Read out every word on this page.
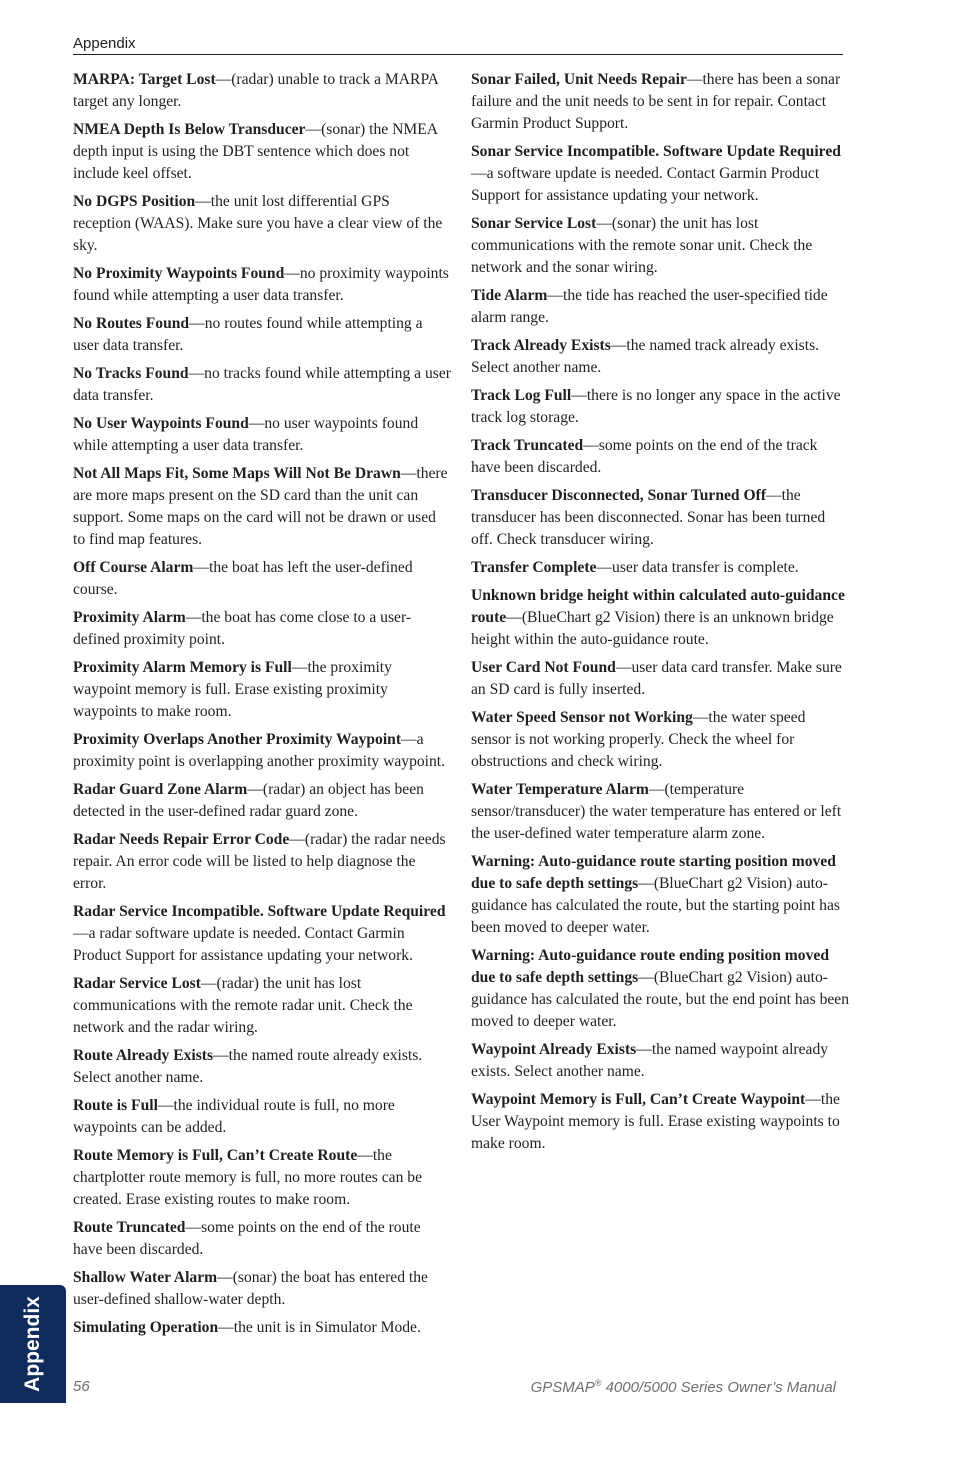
Appendix

MARPA: Target Lost—(radar) unable to track a MARPA target any longer.

NMEA Depth Is Below Transducer—(sonar) the NMEA depth input is using the DBT sentence which does not include keel offset.

No DGPS Position—the unit lost differential GPS reception (WAAS). Make sure you have a clear view of the sky.

No Proximity Waypoints Found—no proximity waypoints found while attempting a user data transfer.

No Routes Found—no routes found while attempting a user data transfer.

No Tracks Found—no tracks found while attempting a user data transfer.

No User Waypoints Found—no user waypoints found while attempting a user data transfer.

Not All Maps Fit, Some Maps Will Not Be Drawn—there are more maps present on the SD card than the unit can support. Some maps on the card will not be drawn or used to find map features.

Off Course Alarm—the boat has left the user-defined course.

Proximity Alarm—the boat has come close to a user-defined proximity point.

Proximity Alarm Memory is Full—the proximity waypoint memory is full. Erase existing proximity waypoints to make room.

Proximity Overlaps Another Proximity Waypoint—a proximity point is overlapping another proximity waypoint.

Radar Guard Zone Alarm—(radar) an object has been detected in the user-defined radar guard zone.

Radar Needs Repair Error Code—(radar) the radar needs repair. An error code will be listed to help diagnose the error.

Radar Service Incompatible. Software Update Required—a radar software update is needed. Contact Garmin Product Support for assistance updating your network.

Radar Service Lost—(radar) the unit has lost communications with the remote radar unit. Check the network and the radar wiring.

Route Already Exists—the named route already exists. Select another name.

Route is Full—the individual route is full, no more waypoints can be added.

Route Memory is Full, Can’t Create Route—the chartplotter route memory is full, no more routes can be created. Erase existing routes to make room.

Route Truncated—some points on the end of the route have been discarded.

Shallow Water Alarm—(sonar) the boat has entered the user-defined shallow-water depth.

Simulating Operation—the unit is in Simulator Mode.

Sonar Failed, Unit Needs Repair—there has been a sonar failure and the unit needs to be sent in for repair. Contact Garmin Product Support.

Sonar Service Incompatible. Software Update Required—a software update is needed. Contact Garmin Product Support for assistance updating your network.

Sonar Service Lost—(sonar) the unit has lost communications with the remote sonar unit. Check the network and the sonar wiring.

Tide Alarm—the tide has reached the user-specified tide alarm range.

Track Already Exists—the named track already exists. Select another name.

Track Log Full—there is no longer any space in the active track log storage.

Track Truncated—some points on the end of the track have been discarded.

Transducer Disconnected, Sonar Turned Off—the transducer has been disconnected. Sonar has been turned off. Check transducer wiring.

Transfer Complete—user data transfer is complete.

Unknown bridge height within calculated auto-guidance route—(BlueChart g2 Vision) there is an unknown bridge height within the auto-guidance route.

User Card Not Found—user data card transfer. Make sure an SD card is fully inserted.

Water Speed Sensor not Working—the water speed sensor is not working properly. Check the wheel for obstructions and check wiring.

Water Temperature Alarm—(temperature sensor/transducer) the water temperature has entered or left the user-defined water temperature alarm zone.

Warning: Auto-guidance route starting position moved due to safe depth settings—(BlueChart g2 Vision) auto-guidance has calculated the route, but the starting point has been moved to deeper water.

Warning: Auto-guidance route ending position moved due to safe depth settings—(BlueChart g2 Vision) auto-guidance has calculated the route, but the end point has been moved to deeper water.

Waypoint Already Exists—the named waypoint already exists. Select another name.

Waypoint Memory is Full, Can’t Create Waypoint—the User Waypoint memory is full. Erase existing waypoints to make room.

Appendix 56	GPSMAP® 4000/5000 Series Owner’s Manual
